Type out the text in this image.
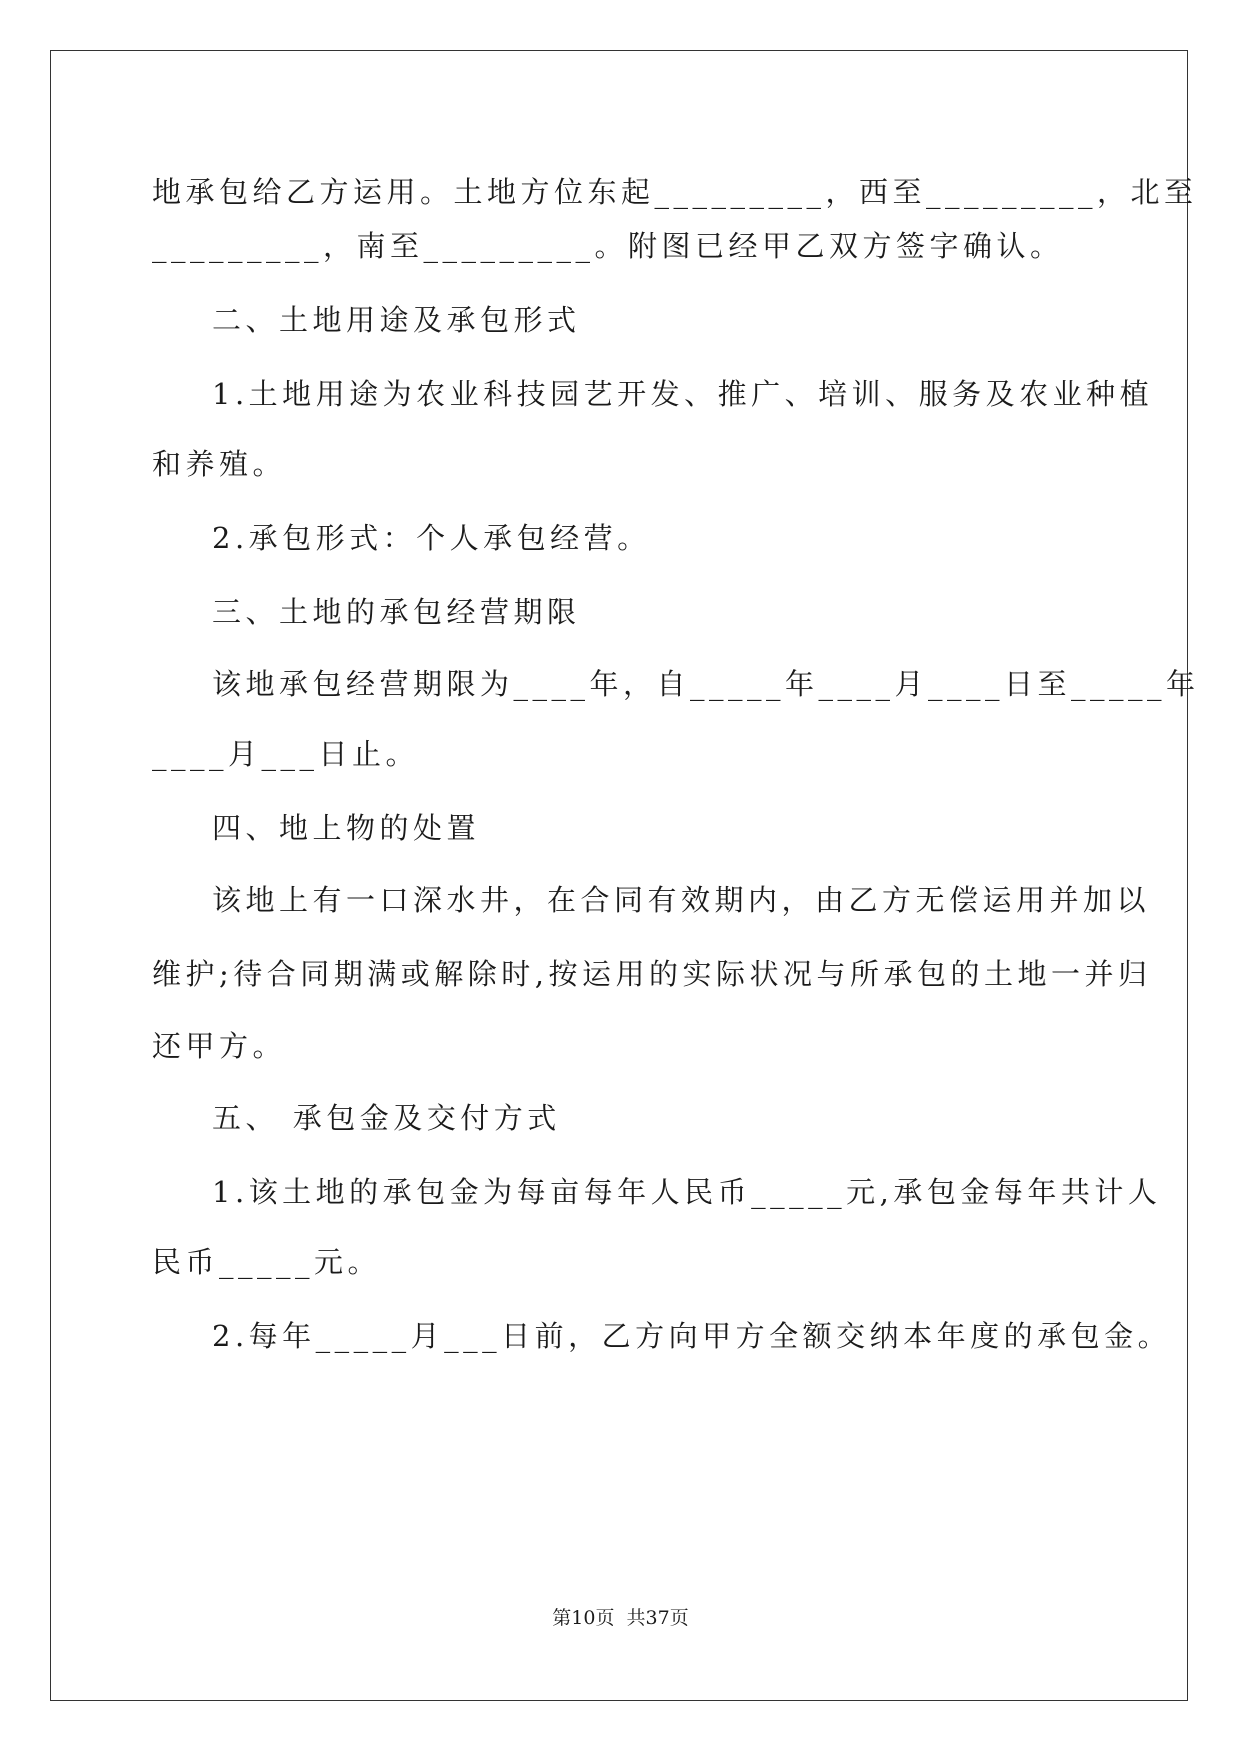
地承包给乙方运用。土地方位东起_________，西至_________，北至
_________，南至_________。附图已经甲乙双方签字确认。
二、土地用途及承包形式
1.土地用途为农业科技园艺开发、推广、培训、服务及农业种植
和养殖。
2.承包形式：个人承包经营。
三、土地的承包经营期限
该地承包经营期限为____年，自_____年____月____日至_____年
____月___日止。
四、地上物的处置
该地上有一口深水井，在合同有效期内，由乙方无偿运用并加以
维护;待合同期满或解除时,按运用的实际状况与所承包的土地一并归
还甲方。
五、 承包金及交付方式
1.该土地的承包金为每亩每年人民币_____元,承包金每年共计人
民币_____元。
2.每年_____月___日前，乙方向甲方全额交纳本年度的承包金。
第10页  共37页
